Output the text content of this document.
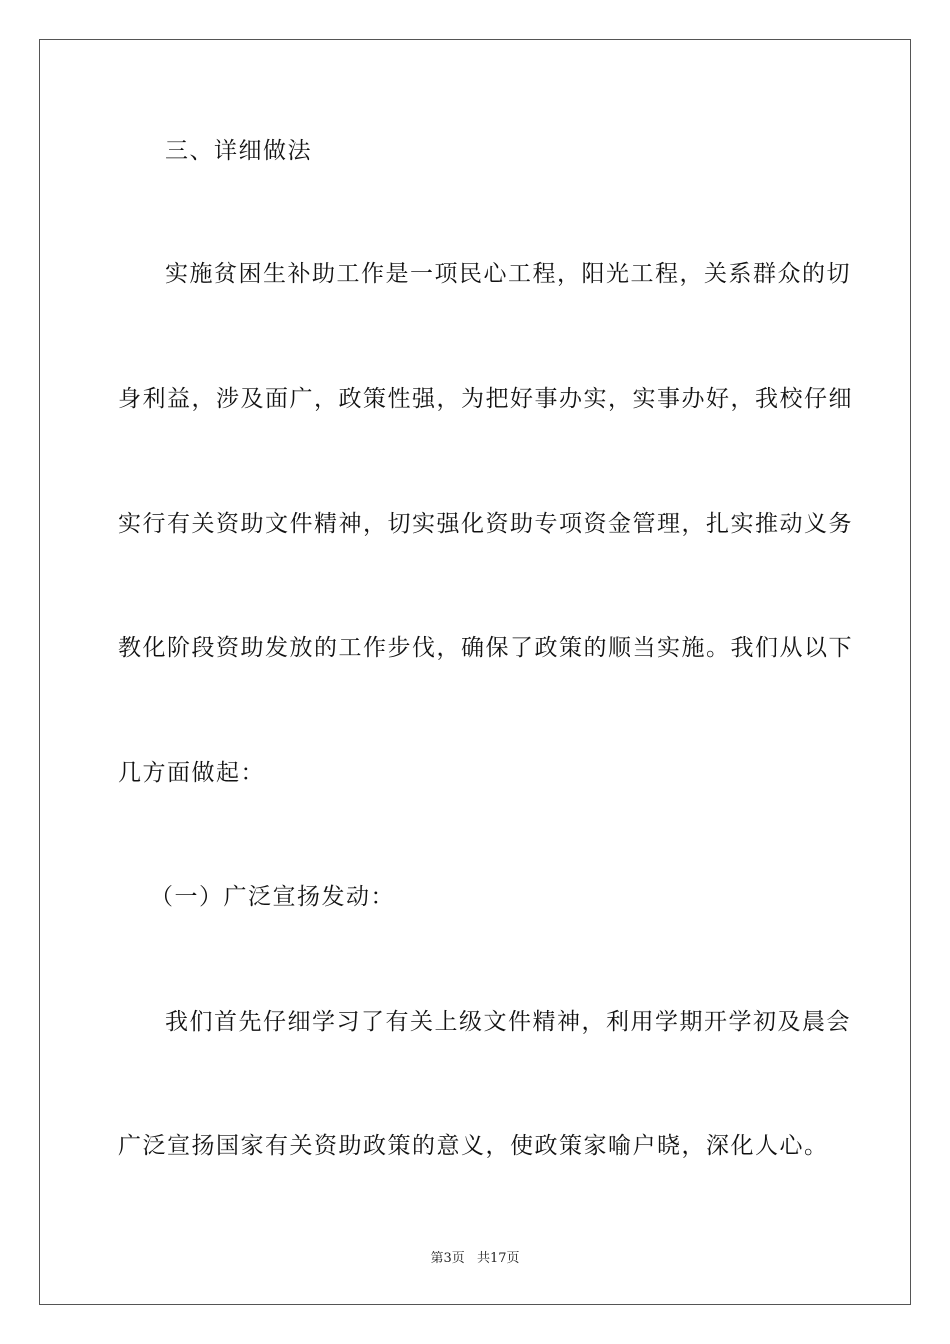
三、详细做法
实施贫困生补助工作是一项民心工程，阳光工程，关系群众的切
身利益，涉及面广，政策性强，为把好事办实，实事办好，我校仔细
实行有关资助文件精神，切实强化资助专项资金管理，扎实推动义务
教化阶段资助发放的工作步伐，确保了政策的顺当实施。我们从以下
几方面做起：
（一）广泛宣扬发动：
我们首先仔细学习了有关上级文件精神，利用学期开学初及晨会
广泛宣扬国家有关资助政策的意义，使政策家喻户晓，深化人心。
第3页 共17页
